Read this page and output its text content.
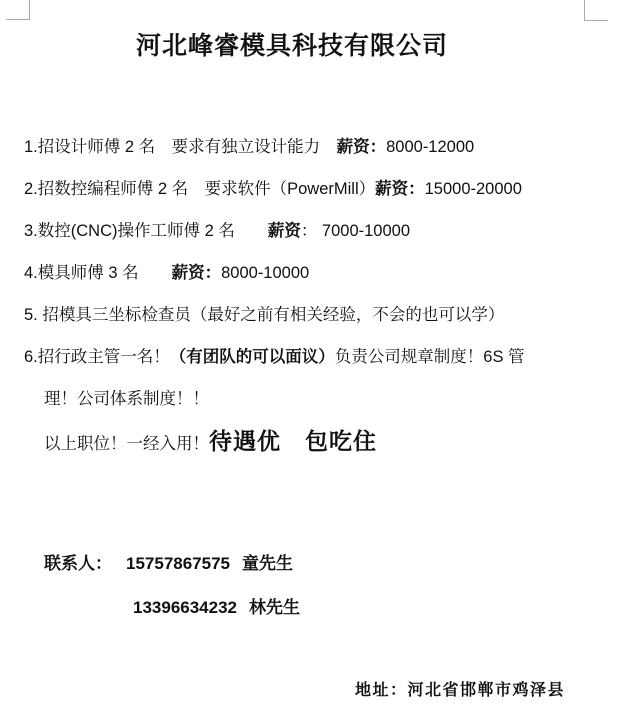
河北峰睿模具科技有限公司
1.招设计师傅 2 名　要求有独立设计能力　薪资：8000-12000
2.招数控编程师傅 2 名　要求软件（PowerMill）薪资：15000-20000
3.数控(CNC)操作工师傅 2 名　　薪资： 7000-10000
4.模具师傅 3 名　　薪资：8000-10000
5. 招模具三坐标检查员（最好之前有相关经验，不会的也可以学）
6.招行政主管一名！（有团队的可以面议）负责公司规章制度！6S 管
理！公司体系制度！！
以上职位！一经入用！待遇优　包吃住
联系人： 15757867575 童先生
13396634232 林先生
地址：河北省邯郸市鸡泽县
